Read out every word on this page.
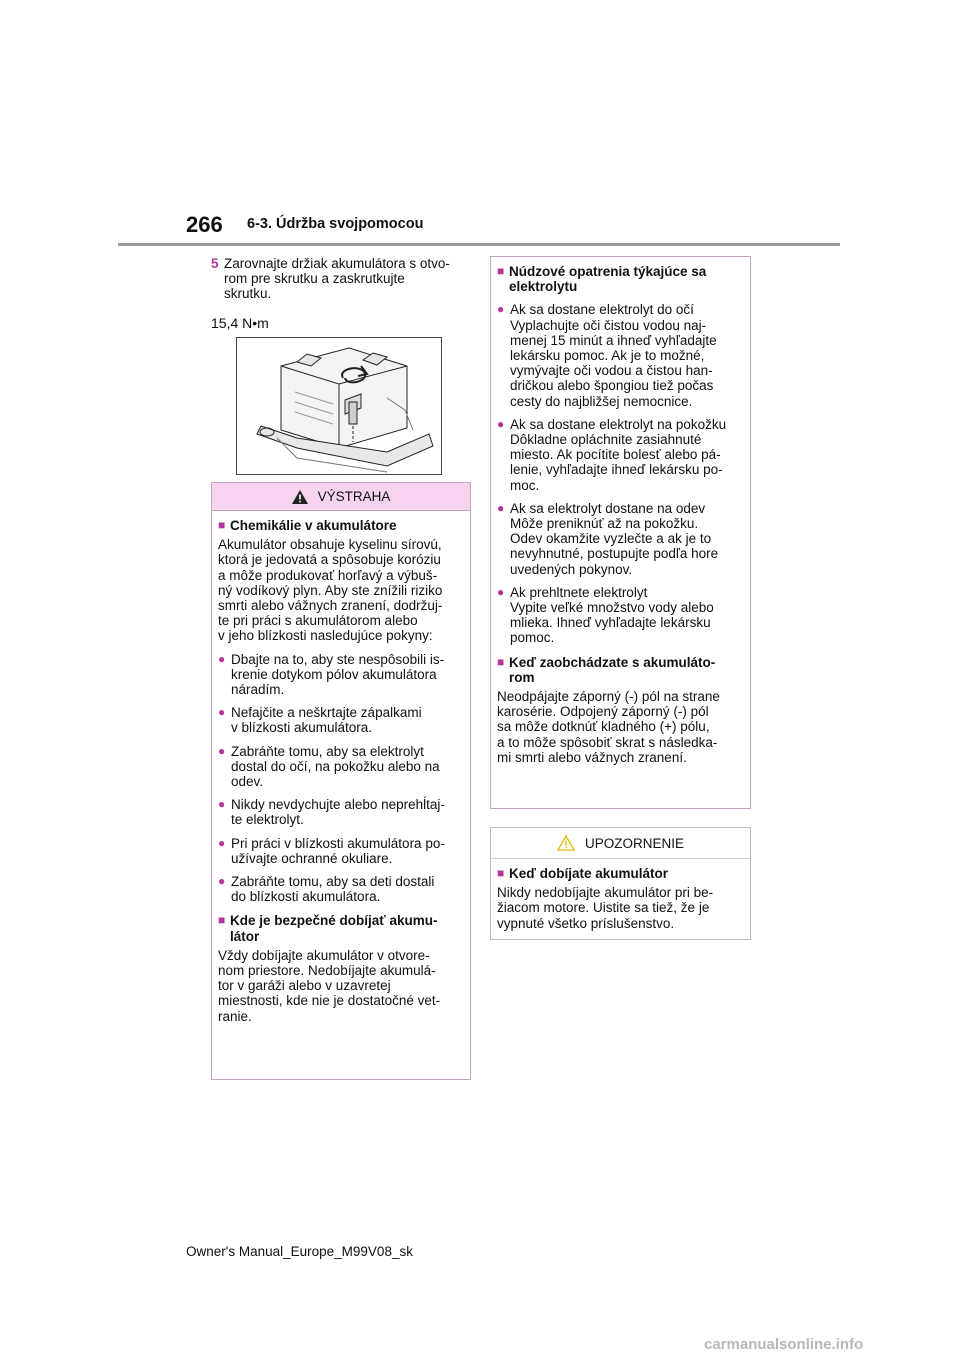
266 6-3. Údržba svojpomocou
5 Zarovnajte držiak akumulátora s otvo-
rom pre skrutku a zaskrutkujte
skrutku.
15,4 N•m
VÝSTRAHA
■ Chemikálie v akumulátore
Akumulátor obsahuje kyselinu sírovú,
ktorá je jedovatá a spôsobuje koróziu
a môže produkovať horľavý a výbuš-
ný vodíkový plyn. Aby ste znížili riziko
smrti alebo vážnych zranení, dodržuj-
te pri práci s akumulátorom alebo
v jeho blízkosti nasledujúce pokyny:
● Dbajte na to, aby ste nespôsobili is-
krenie dotykom pólov akumulátora
náradím.
● Nefajčite a neškrtajte zápalkami
v blízkosti akumulátora.
● Zabráňte tomu, aby sa elektrolyt
dostal do očí, na pokožku alebo na
odev.
● Nikdy nevdychujte alebo neprehĺtaj-
te elektrolyt.
● Pri práci v blízkosti akumulátora po-
užívajte ochranné okuliare.
● Zabráňte tomu, aby sa deti dostali
do blízkosti akumulátora.
■ Kde je bezpečné dobíjať akumu-
látor
Vždy dobíjajte akumulátor v otvore-
nom priestore. Nedobíjajte akumulá-
tor v garáži alebo v uzavretej
miestnosti, kde nie je dostatočné vet-
ranie.
■ Núdzové opatrenia týkajúce sa
elektrolytu
● Ak sa dostane elektrolyt do očí
Vyplachujte oči čistou vodou naj-
menej 15 minút a ihneď vyhľadajte
lekársku pomoc. Ak je to možné,
vymývajte oči vodou a čistou han-
dričkou alebo špongiou tiež počas
cesty do najbližšej nemocnice.
● Ak sa dostane elektrolyt na pokožku
Dôkladne opláchnite zasiahnuté
miesto. Ak pocítite bolesť alebo pá-
lenie, vyhľadajte ihneď lekársku po-
moc.
● Ak sa elektrolyt dostane na odev
Môže preniknúť až na pokožku.
Odev okamžite vyzlečte a ak je to
nevyhnutné, postupujte podľa hore
uvedených pokynov.
● Ak prehltnete elektrolyt
Vypite veľké množstvo vody alebo
mlieka. Ihneď vyhľadajte lekársku
pomoc.
■ Keď zaobchádzate s akumuláto-
rom
Neodpájajte záporný (-) pól na strane
karosérie. Odpojený záporný (-) pól
sa môže dotknúť kladného (+) pólu,
a to môže spôsobiť skrat s následka-
mi smrti alebo vážnych zranení.
UPOZORNENIE
■ Keď dobíjate akumulátor
Nikdy nedobíjajte akumulátor pri be-
žiacom motore. Uistite sa tiež, že je
vypnuté všetko príslušenstvo.
Owner's Manual_Europe_M99V08_sk
carmanualsonline.info
